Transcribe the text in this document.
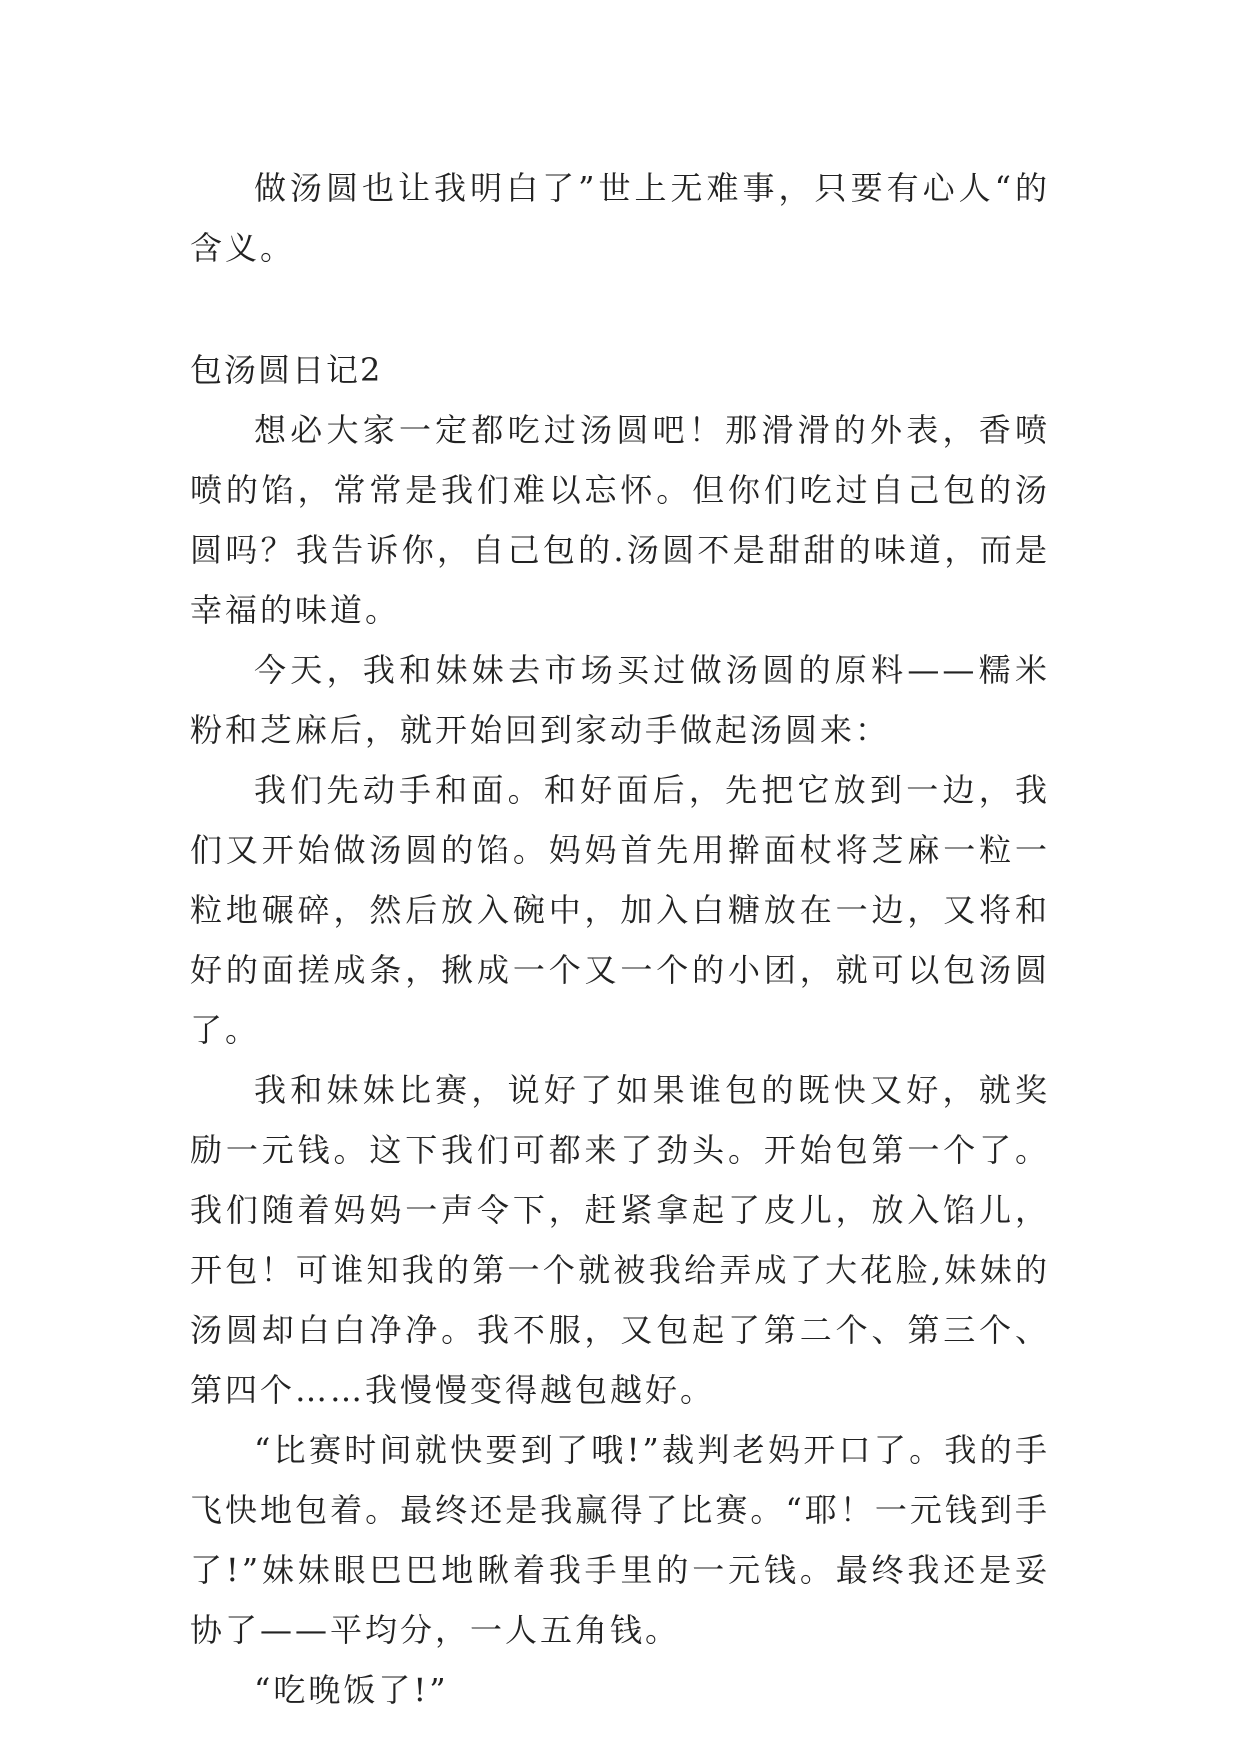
做汤圆也让我明白了”世上无难事，只要有心人“的含义。

包汤圆日记2

想必大家一定都吃过汤圆吧！那滑滑的外表，香喷喷的馅，常常是我们难以忘怀。但你们吃过自己包的汤圆吗？我告诉你，自己包的.汤圆不是甜甜的味道，而是幸福的味道。

今天，我和妹妹去市场买过做汤圆的原料——糯米粉和芝麻后，就开始回到家动手做起汤圆来：

我们先动手和面。和好面后，先把它放到一边，我们又开始做汤圆的馅。妈妈首先用擀面杖将芝麻一粒一粒地碾碎，然后放入碗中，加入白糖放在一边，又将和好的面搓成条，揪成一个又一个的小团，就可以包汤圆了。

我和妹妹比赛，说好了如果谁包的既快又好，就奖励一元钱。这下我们可都来了劲头。开始包第一个了。我们随着妈妈一声令下，赶紧拿起了皮儿，放入馅儿，开包！可谁知我的第一个就被我给弄成了大花脸,妹妹的汤圆却白白净净。我不服，又包起了第二个、第三个、第四个……我慢慢变得越包越好。

“比赛时间就快要到了哦!”裁判老妈开口了。我的手飞快地包着。最终还是我赢得了比赛。“耶！一元钱到手了!”妹妹眼巴巴地瞅着我手里的一元钱。最终我还是妥协了——平均分，一人五角钱。

“吃晚饭了!”
